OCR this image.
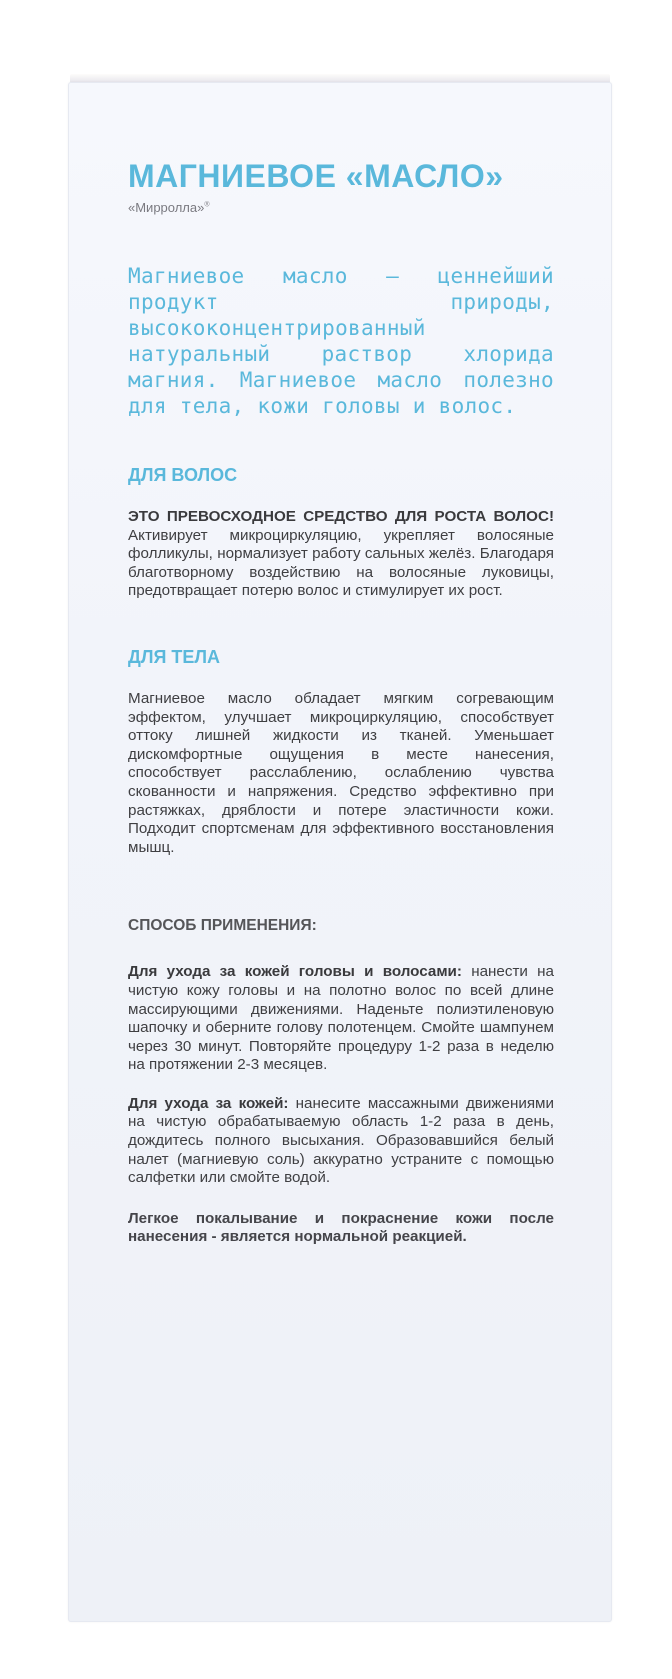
МАГНИЕВОЕ «МАСЛО»
«Мирролла»®
Магниевое масло – ценнейший продукт природы, высококонцентрированный натуральный раствор хлорида магния. Магниевое масло полезно для тела, кожи головы и волос.
ДЛЯ ВОЛОС
ЭТО ПРЕВОСХОДНОЕ СРЕДСТВО ДЛЯ РОСТА ВОЛОС! Активирует микроциркуляцию, укрепляет волосяные фолликулы, нормализует работу сальных желёз. Благодаря благотворному воздействию на волосяные луковицы, предотвращает потерю волос и стимулирует их рост.
ДЛЯ ТЕЛА
Магниевое масло обладает мягким согревающим эффектом, улучшает микроциркуляцию, способствует оттоку лишней жидкости из тканей. Уменьшает дискомфортные ощущения в месте нанесения, способствует расслаблению, ослаблению чувства скованности и напряжения. Средство эффективно при растяжках, дряблости и потере эластичности кожи. Подходит спортсменам для эффективного восстановления мышц.
СПОСОБ ПРИМЕНЕНИЯ:
Для ухода за кожей головы и волосами: нанести на чистую кожу головы и на полотно волос по всей длине массирующими движениями. Наденьте полиэтиленовую шапочку и оберните голову полотенцем. Смойте шампунем через 30 минут. Повторяйте процедуру 1-2 раза в неделю на протяжении 2-3 месяцев.
Для ухода за кожей: нанесите массажными движениями на чистую обрабатываемую область 1-2 раза в день, дождитесь полного высыхания. Образовавшийся белый налет (магниевую соль) аккуратно устраните с помощью салфетки или смойте водой.
Легкое покалывание и покраснение кожи после нанесения - является нормальной реакцией.
